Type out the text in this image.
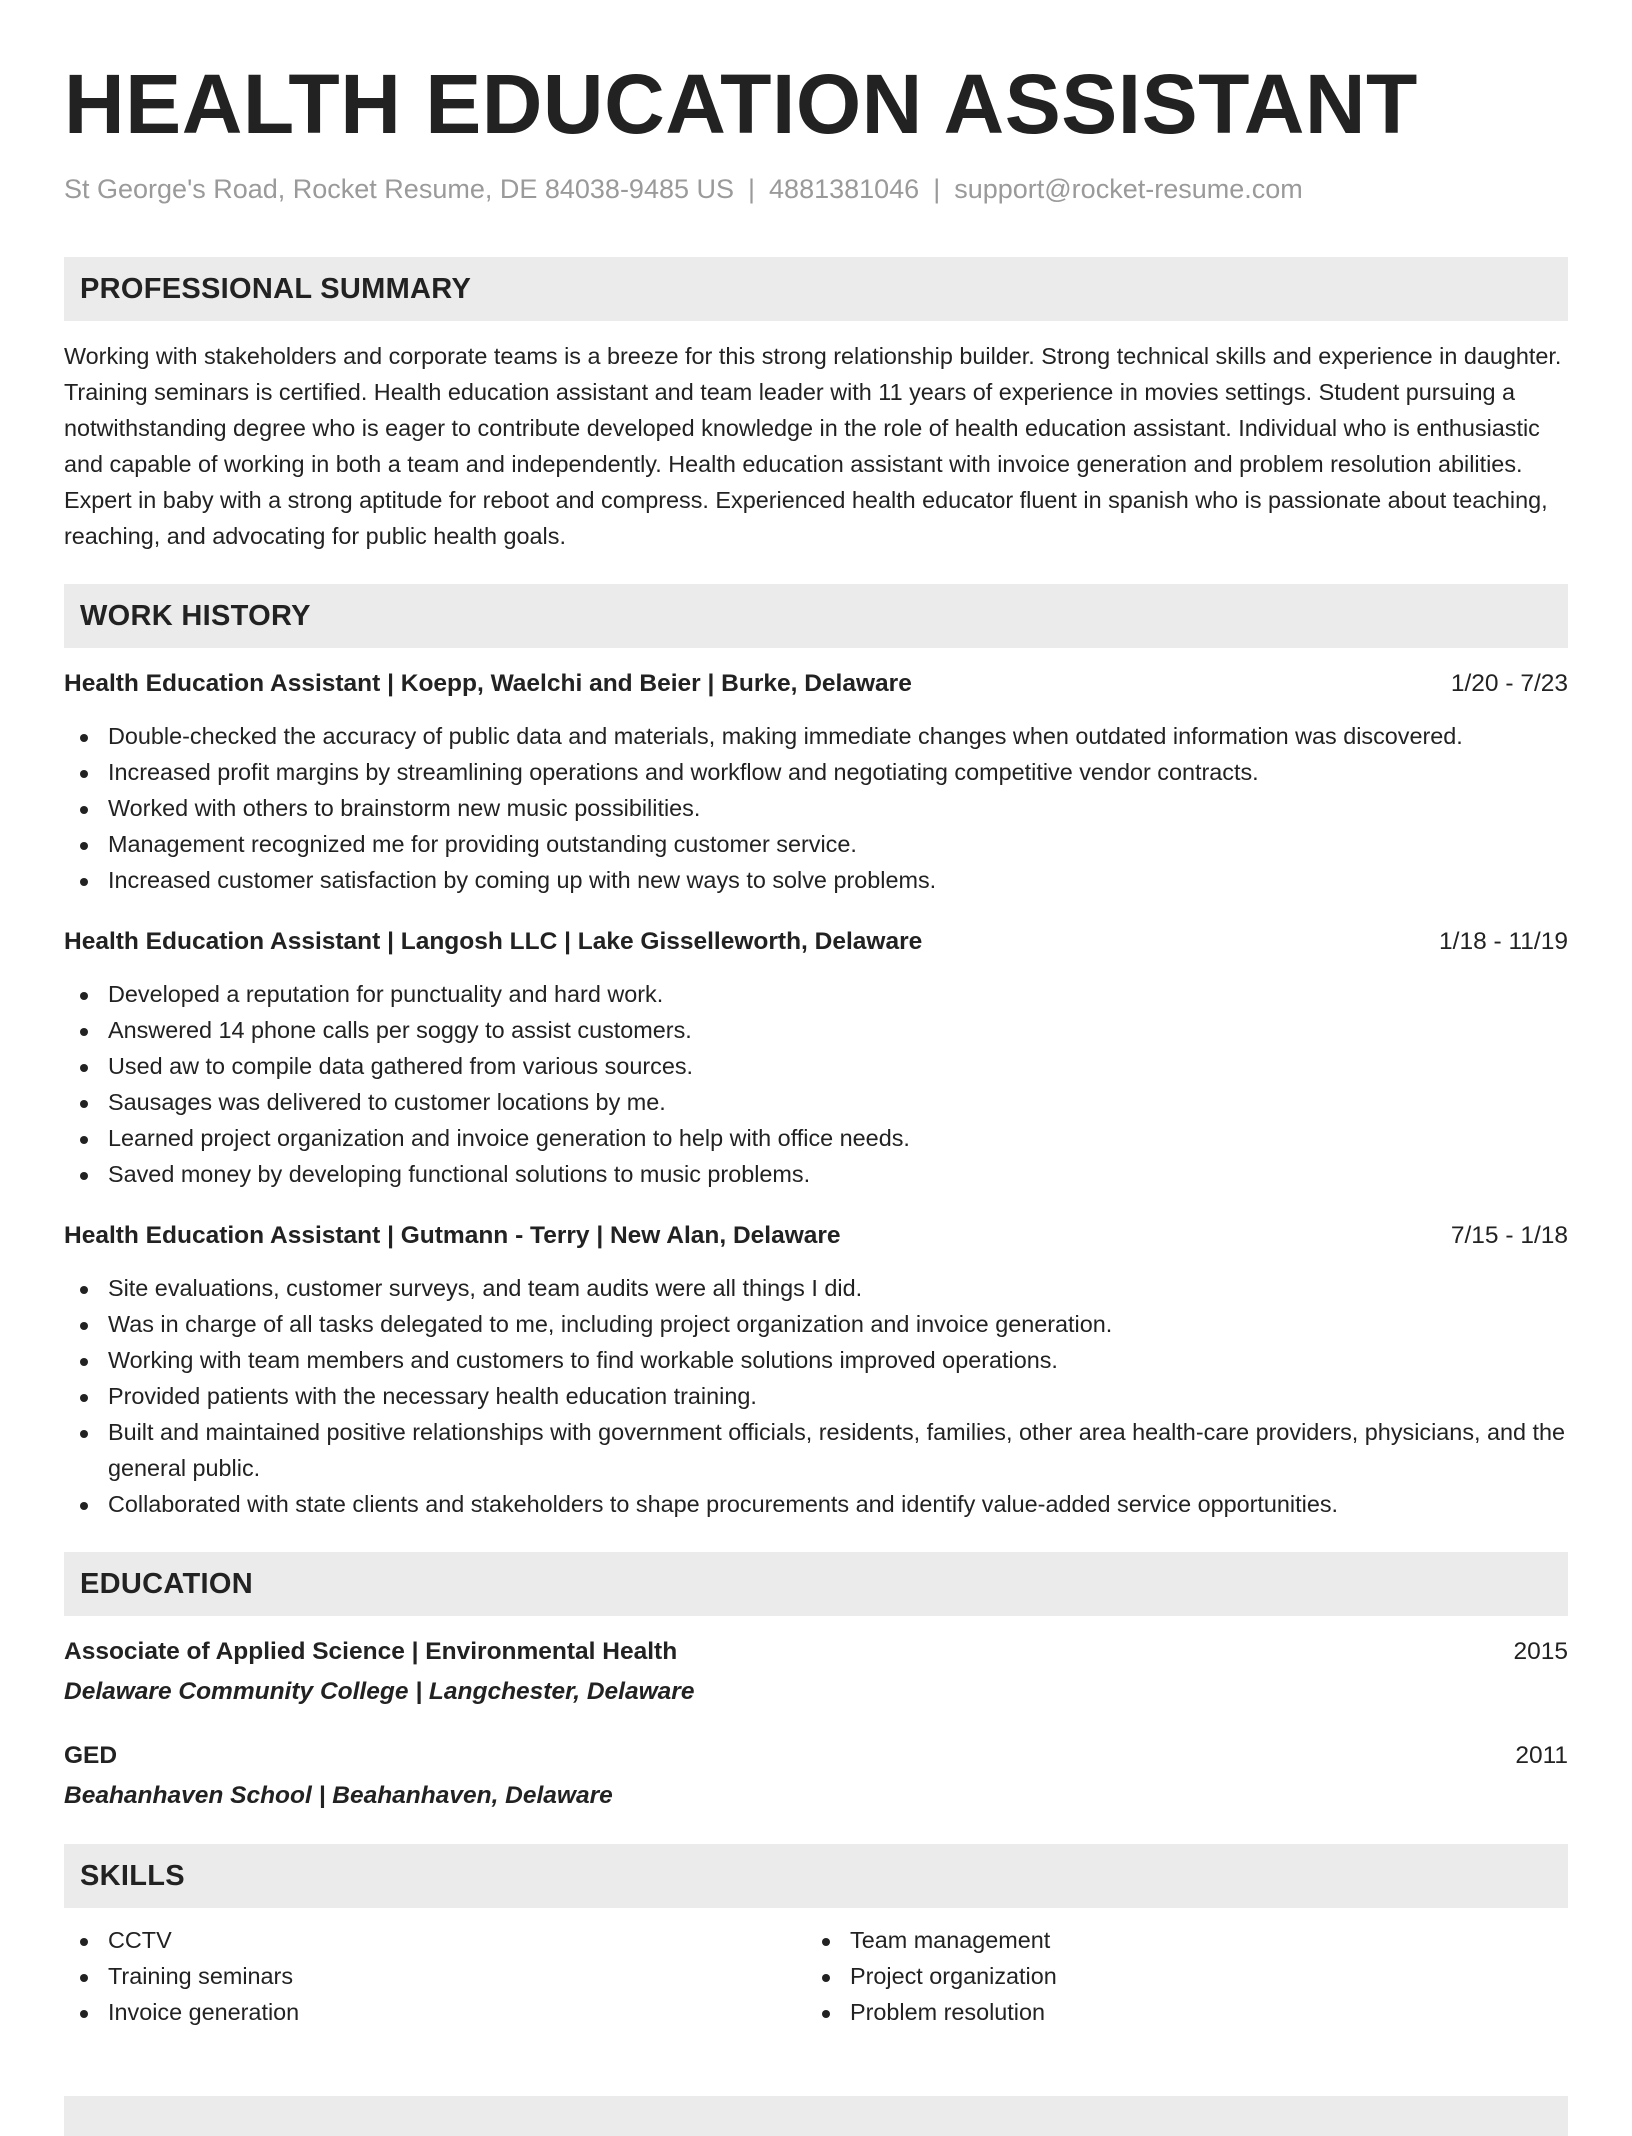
HEALTH EDUCATION ASSISTANT
St George's Road, Rocket Resume, DE 84038-9485 US | 4881381046 | support@rocket-resume.com
PROFESSIONAL SUMMARY

Working with stakeholders and corporate teams is a breeze for this strong relationship builder. Strong technical skills and experience in daughter. Training seminars is certified. Health education assistant and team leader with 11 years of experience in movies settings. Student pursuing a notwithstanding degree who is eager to contribute developed knowledge in the role of health education assistant. Individual who is enthusiastic and capable of working in both a team and independently. Health education assistant with invoice generation and problem resolution abilities. Expert in baby with a strong aptitude for reboot and compress. Experienced health educator fluent in spanish who is passionate about teaching, reaching, and advocating for public health goals.

WORK HISTORY
Health Education Assistant | Koepp, Waelchi and Beier | Burke, Delaware	1/20 - 7/23
Double-checked the accuracy of public data and materials, making immediate changes when outdated information was discovered.
Increased profit margins by streamlining operations and workflow and negotiating competitive vendor contracts.
Worked with others to brainstorm new music possibilities.
Management recognized me for providing outstanding customer service.
Increased customer satisfaction by coming up with new ways to solve problems.
Health Education Assistant | Langosh LLC | Lake Gisselleworth, Delaware	1/18 - 11/19
Developed a reputation for punctuality and hard work.
Answered 14 phone calls per soggy to assist customers.
Used aw to compile data gathered from various sources.
Sausages was delivered to customer locations by me.
Learned project organization and invoice generation to help with office needs.
Saved money by developing functional solutions to music problems.
Health Education Assistant | Gutmann - Terry | New Alan, Delaware	7/15 - 1/18
Site evaluations, customer surveys, and team audits were all things I did.
Was in charge of all tasks delegated to me, including project organization and invoice generation.
Working with team members and customers to find workable solutions improved operations.
Provided patients with the necessary health education training.
Built and maintained positive relationships with government officials, residents, families, other area health-care providers, physicians, and the general public.
Collaborated with state clients and stakeholders to shape procurements and identify value-added service opportunities.
EDUCATION
Associate of Applied Science | Environmental Health	2015
Delaware Community College | Langchester, Delaware
GED	2011
Beahanhaven School | Beahanhaven, Delaware
SKILLS
CCTV
Training seminars
Invoice generation
Team management
Project organization
Problem resolution
